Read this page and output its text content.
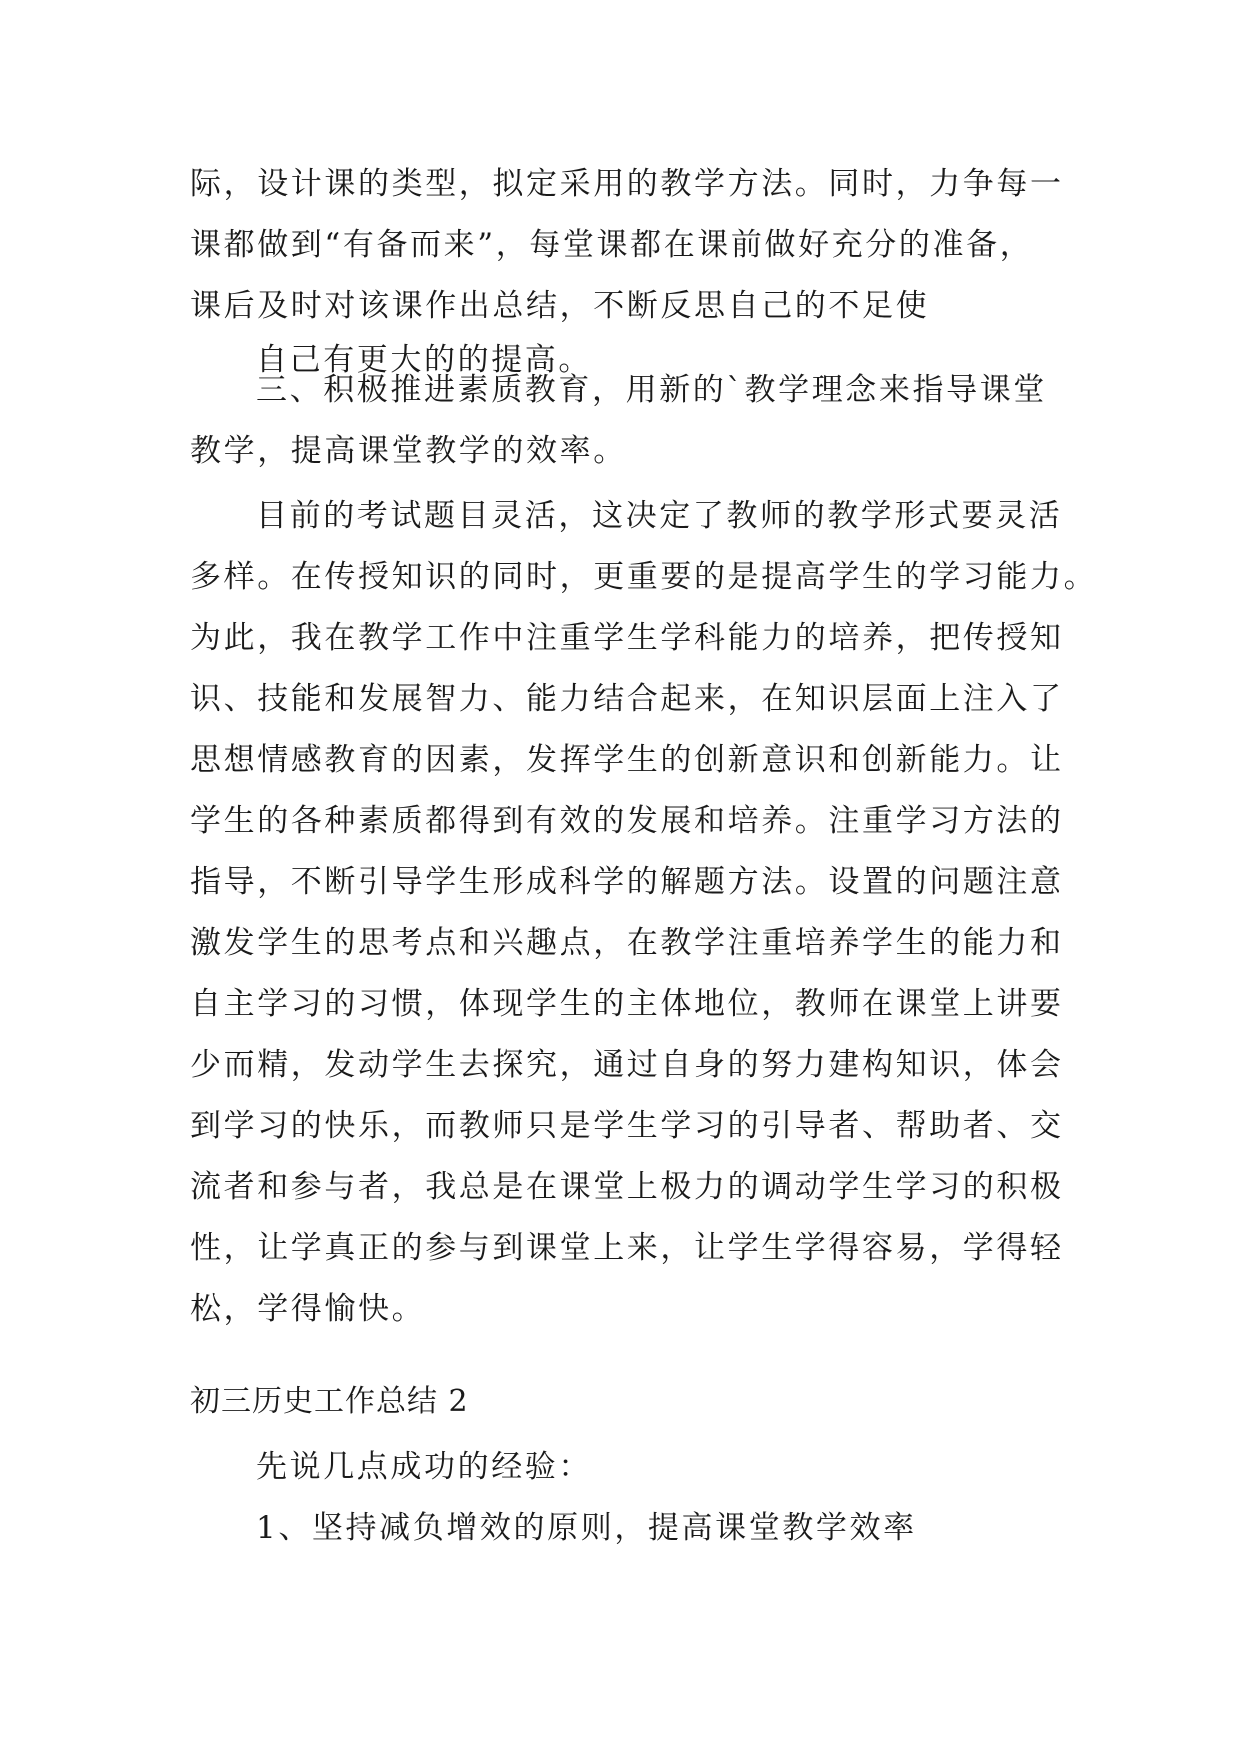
际，设计课的类型，拟定采用的教学方法。同时，力争每一
课都做到“有备而来”，每堂课都在课前做好充分的准备，
课后及时对该课作出总结，不断反思自己的不足使
自己有更大的的提高。
三、积极推进素质教育，用新的`教学理念来指导课堂
教学，提高课堂教学的效率。
目前的考试题目灵活，这决定了教师的教学形式要灵活
多样。在传授知识的同时，更重要的是提高学生的学习能力。
为此，我在教学工作中注重学生学科能力的培养，把传授知
识、技能和发展智力、能力结合起来，在知识层面上注入了
思想情感教育的因素，发挥学生的创新意识和创新能力。让
学生的各种素质都得到有效的发展和培养。注重学习方法的
指导，不断引导学生形成科学的解题方法。设置的问题注意
激发学生的思考点和兴趣点，在教学注重培养学生的能力和
自主学习的习惯，体现学生的主体地位，教师在课堂上讲要
少而精，发动学生去探究，通过自身的努力建构知识，体会
到学习的快乐，而教师只是学生学习的引导者、帮助者、交
流者和参与者，我总是在课堂上极力的调动学生学习的积极
性，让学真正的参与到课堂上来，让学生学得容易，学得轻
松，学得愉快。
初三历史工作总结 2
先说几点成功的经验：
1、坚持减负增效的原则，提高课堂教学效率
